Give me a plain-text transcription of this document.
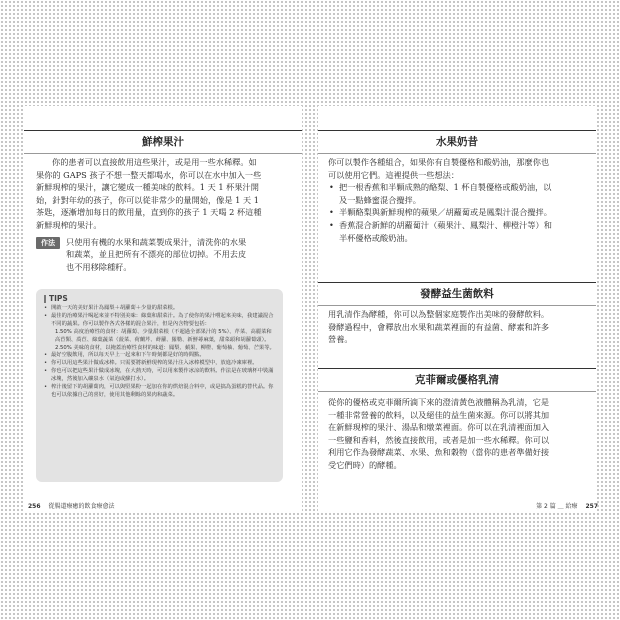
鮮榨果汁

你的患者可以直接飲用這些果汁，或是用一些水稀釋。如

果你的 GAPS 孩子不想一整天都喝水，你可以在水中加入一些

新鮮現榨的果汁，讓它變成一種美味的飲料。1 天 1 杯果汁開

始，針對年幼的孩子，你可以從非常少的量開始，像是 1 天 1

茶匙，逐漸增加每日的飲用量，直到你的孩子 1 天喝 2 杯這種

新鮮現榨的果汁。

作法	只使用有機的水果和蔬菜製成果汁，清洗你的水果

和蔬菜，並且把所有不漂亮的部位切掉。不用去皮

也不用移除種籽。

TIPS
• 開啟一天的美好果汁為鳳梨＋胡蘿蔔＋少量的甜菜根。
• 最佳的治療果汁喝起來並不特別美味：綠葉和甜菜汁。為了使你的果汁嚐起來美味，我建議混合不同的蔬果。你可以製作各式各樣的混合果汁，但是內含物要包括：
1.50% 高度治療性的食材：胡蘿蔔、少量甜菜根（不超過全部果汁的 5%）、芹菜、高麗菜和高苣類、萵苣、綠葉蔬菜（菠菜、荷蘭芹、蒔蘿、羅勒、新鮮蕁麻葉，甜菜頭和胡蘿蔔頭）。
2.50% 美味的食材，以掩蓋治療性食材的味道：鳳梨、蘋果、柳橙、葡萄柚、葡萄、芒果等。
• 最好空腹飲用，所以每天早上一起來和下午時刻都是好的時間點。
• 你可以用這些果汁做成冰棒。只需要將新鮮現榨的果汁注入冰棒模型中，放進冷凍庫裡。
• 你也可以把這些果汁做成冰塊，在大熱天時，可以用來製作冰涼的飲料。作法是在玻璃杯中裝滿冰塊，然後加入礦泉水（氣泡或蘇打水）。
• 榨汁後留下的胡蘿蔔肉，可以與堅果粉一起加在你的烘焙混合料中，或是搞為蛋糕的替代品。你也可以依據自己的喜好，使用其他剩餘的果肉和蔬菜。
256 從腸道療癒的飲食療愈法
水果奶昔

你可以製作各種組合，如果你有自製優格和酸奶油，那麼你也

可以使用它們。這裡提供一些想法：

• 把一根香蕉和半顆成熟的酪梨、1 杯自製優格或酸奶油，以
及一點蜂蜜混合攪拌。
• 半顆酪梨與新鮮現榨的蘋果／胡蘿蔔或是鳳梨汁混合攪拌。
• 香蕉混合新鮮的胡蘿蔔汁（蘋果汁、鳳梨汁、柳橙汁等）和
半杯優格或酸奶油。
發酵益生菌飲料

用乳清作為酵種，你可以為整個家庭製作出美味的發酵飲料。

發酵過程中，會釋放出水果和蔬菜裡面的有益菌、酵素和許多

營養。

克菲爾或優格乳清

從你的優格或克菲爾所滴下來的澄清黃色液體稱為乳清，它是

一種非常營養的飲料，以及絕佳的益生菌來源。你可以將其加

在新鮮現榨的果汁、湯品和燉菜裡面。你可以在乳清裡面加入

一些鹽和香料，然後直接飲用，或者是加一些水稀釋。你可以

利用它作為發酵蔬菜、水果、魚和穀物（當你的患者準備好接

受它們時）的酵種。

第 2 篇 ＿ 給療 257
